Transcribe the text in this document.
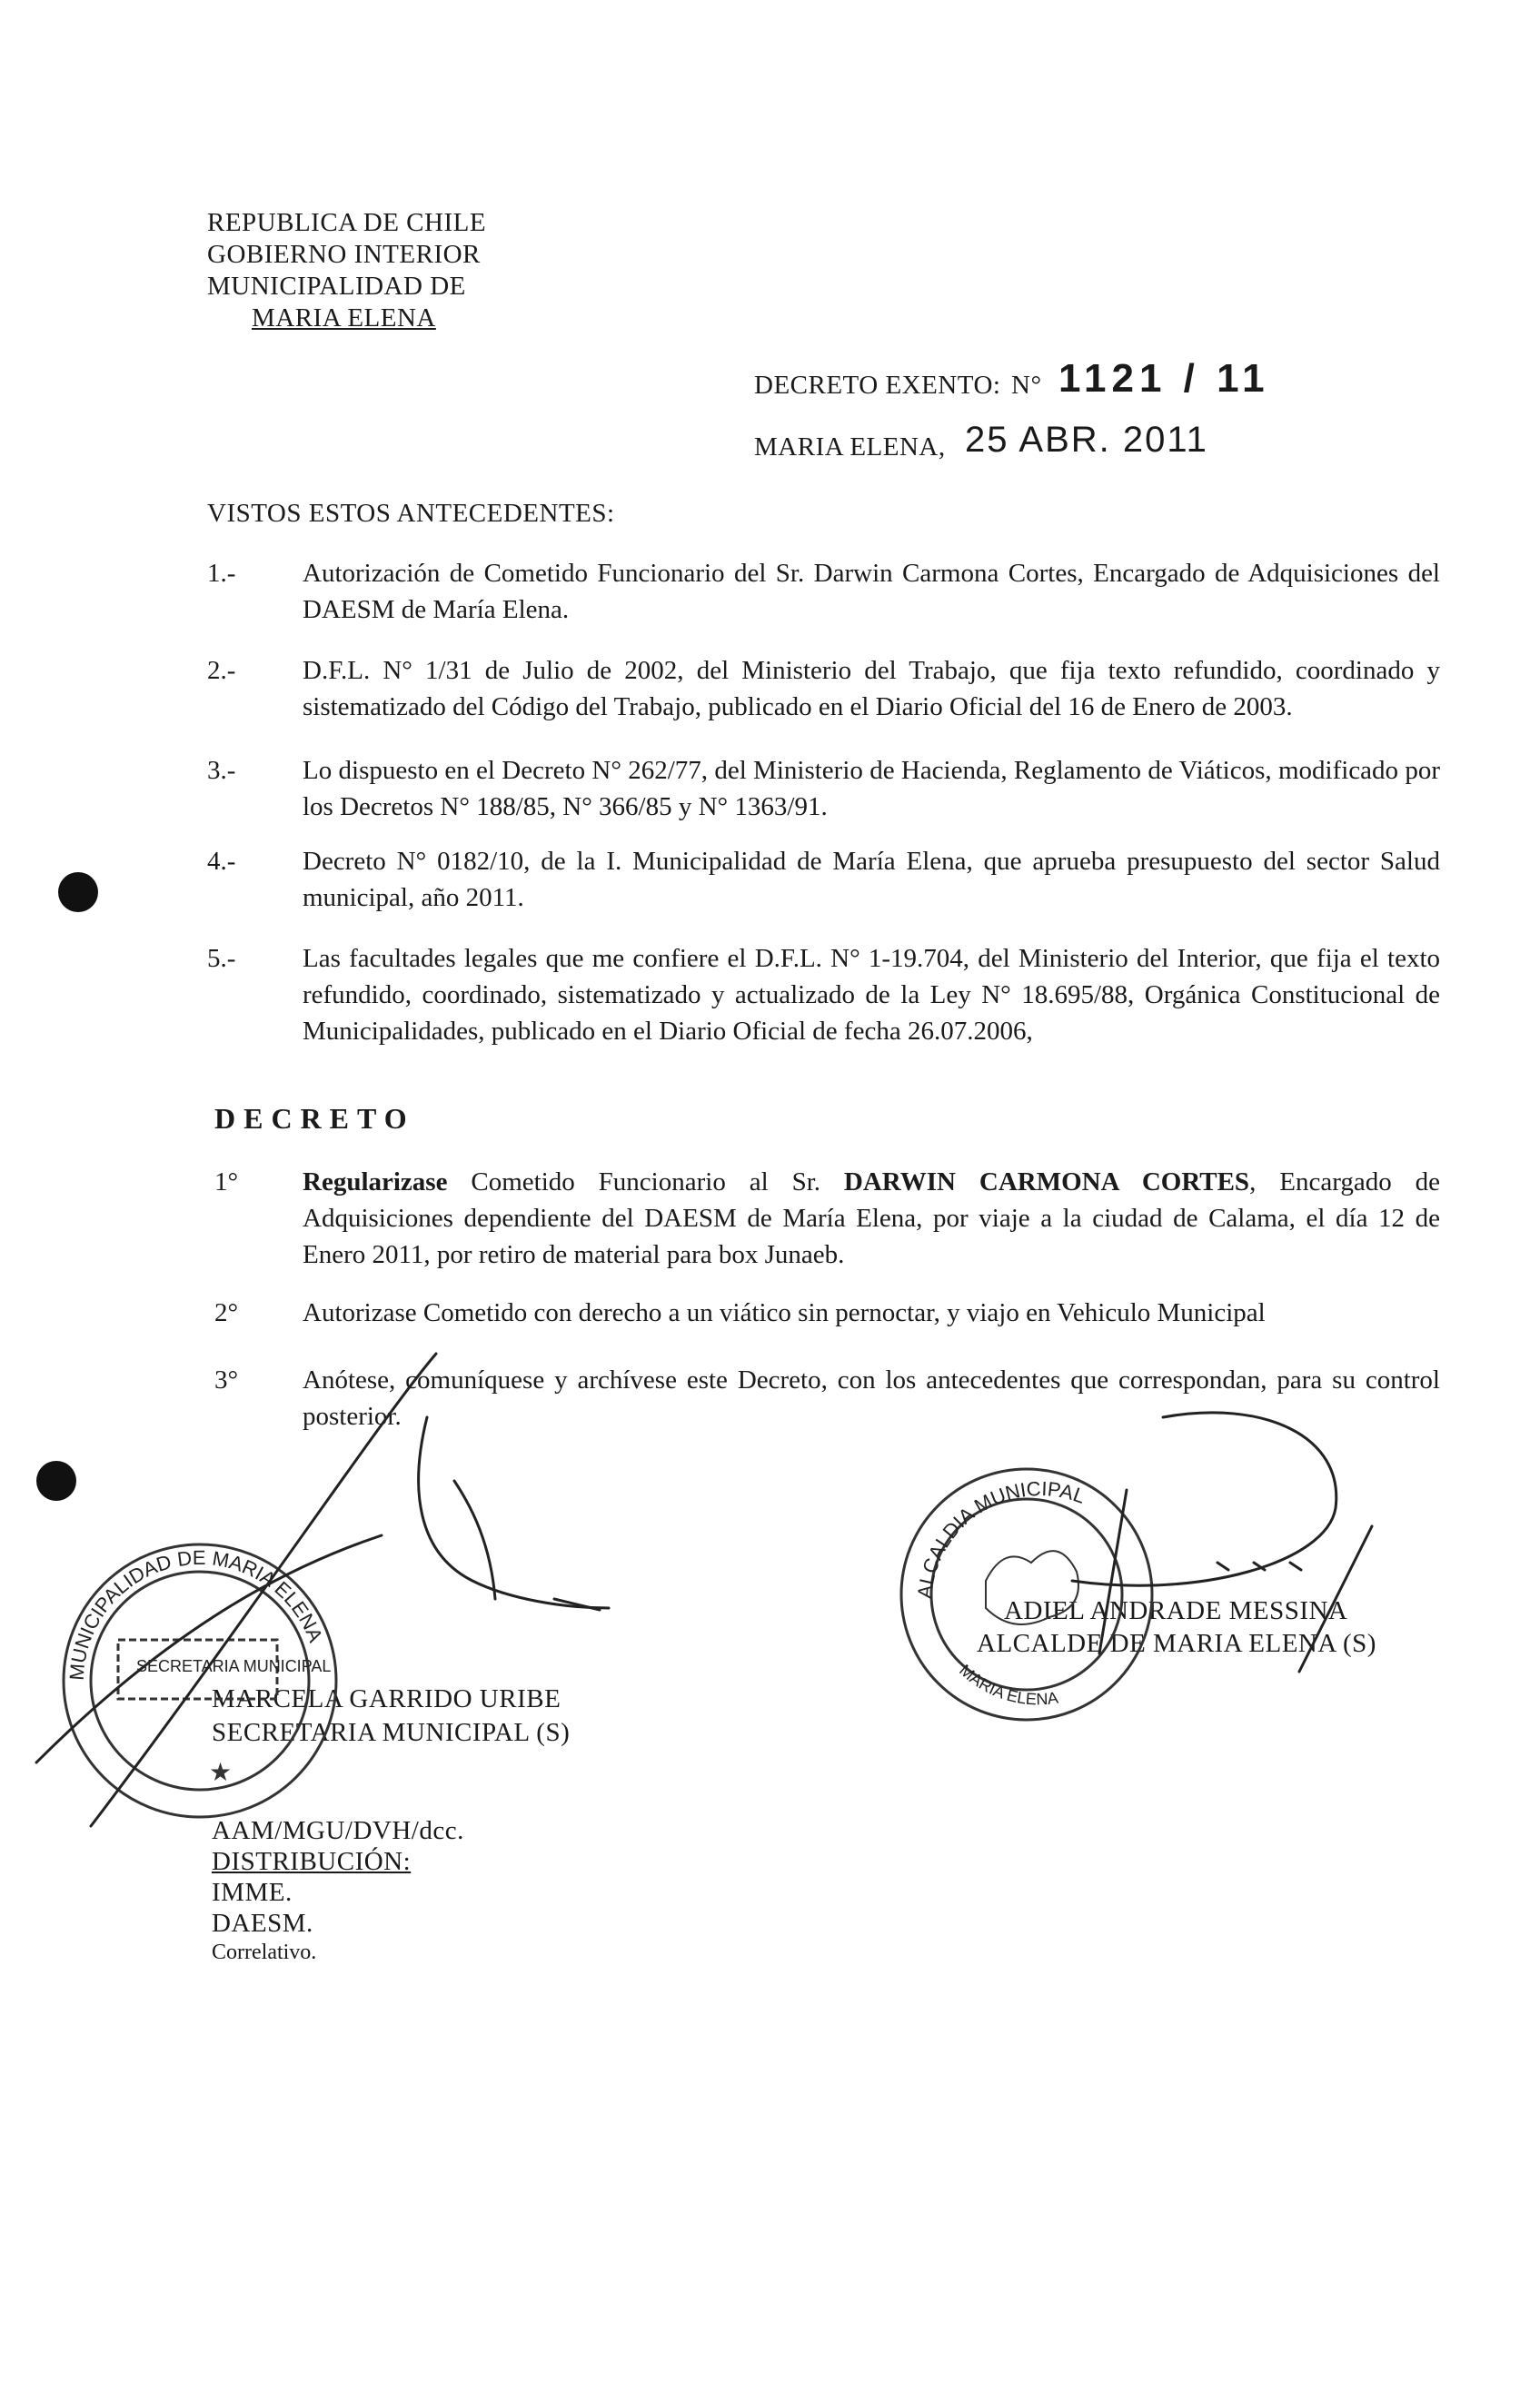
REPUBLICA DE CHILE
GOBIERNO INTERIOR
MUNICIPALIDAD DE
MARIA ELENA
DECRETO EXENTO: N° 1121 / 11
MARIA ELENA, 25 ABR. 2011
VISTOS ESTOS ANTECEDENTES:
1.-	Autorización de Cometido Funcionario del Sr. Darwin Carmona Cortes, Encargado de Adquisiciones del DAESM de María Elena.
2.-	D.F.L. N° 1/31 de Julio de 2002, del Ministerio del Trabajo, que fija texto refundido, coordinado y sistematizado del Código del Trabajo, publicado en el Diario Oficial del 16 de Enero de 2003.
3.-	Lo dispuesto en el Decreto N° 262/77, del Ministerio de Hacienda, Reglamento de Viáticos, modificado por los Decretos N° 188/85, N° 366/85 y N° 1363/91.
4.-	Decreto N° 0182/10, de la I. Municipalidad de María Elena, que aprueba presupuesto del sector Salud municipal, año 2011.
5.-	Las facultades legales que me confiere el D.F.L. N° 1-19.704, del Ministerio del Interior, que fija el texto refundido, coordinado, sistematizado y actualizado de la Ley N° 18.695/88, Orgánica Constitucional de Municipalidades, publicado en el Diario Oficial de fecha 26.07.2006,
DECRETO
1° Regularizase Cometido Funcionario al Sr. DARWIN CARMONA CORTES, Encargado de Adquisiciones dependiente del DAESM de María Elena, por viaje a la ciudad de Calama, el día 12 de Enero 2011, por retiro de material para box Junaeb.
2° Autorizase Cometido con derecho a un viático sin pernoctar, y viajo en Vehiculo Municipal
3° Anótese, comuníquese y archívese este Decreto, con los antecedentes que correspondan, para su control posterior.
MARCELA GARRIDO URIBE
SECRETARIA MUNICIPAL (S)
ADIEL ANDRADE MESSINA
ALCALDE DE MARIA ELENA (S)
AAM/MGU/DVH/dcc.
DISTRIBUCIÓN:
IMME.
DAESM.
Correlativo.
MUNICIPALIDAD DE MARIA ELENA
SECRETARIA MUNICIPAL
★
ALCALDIA MUNICIPAL
MARIA ELENA
